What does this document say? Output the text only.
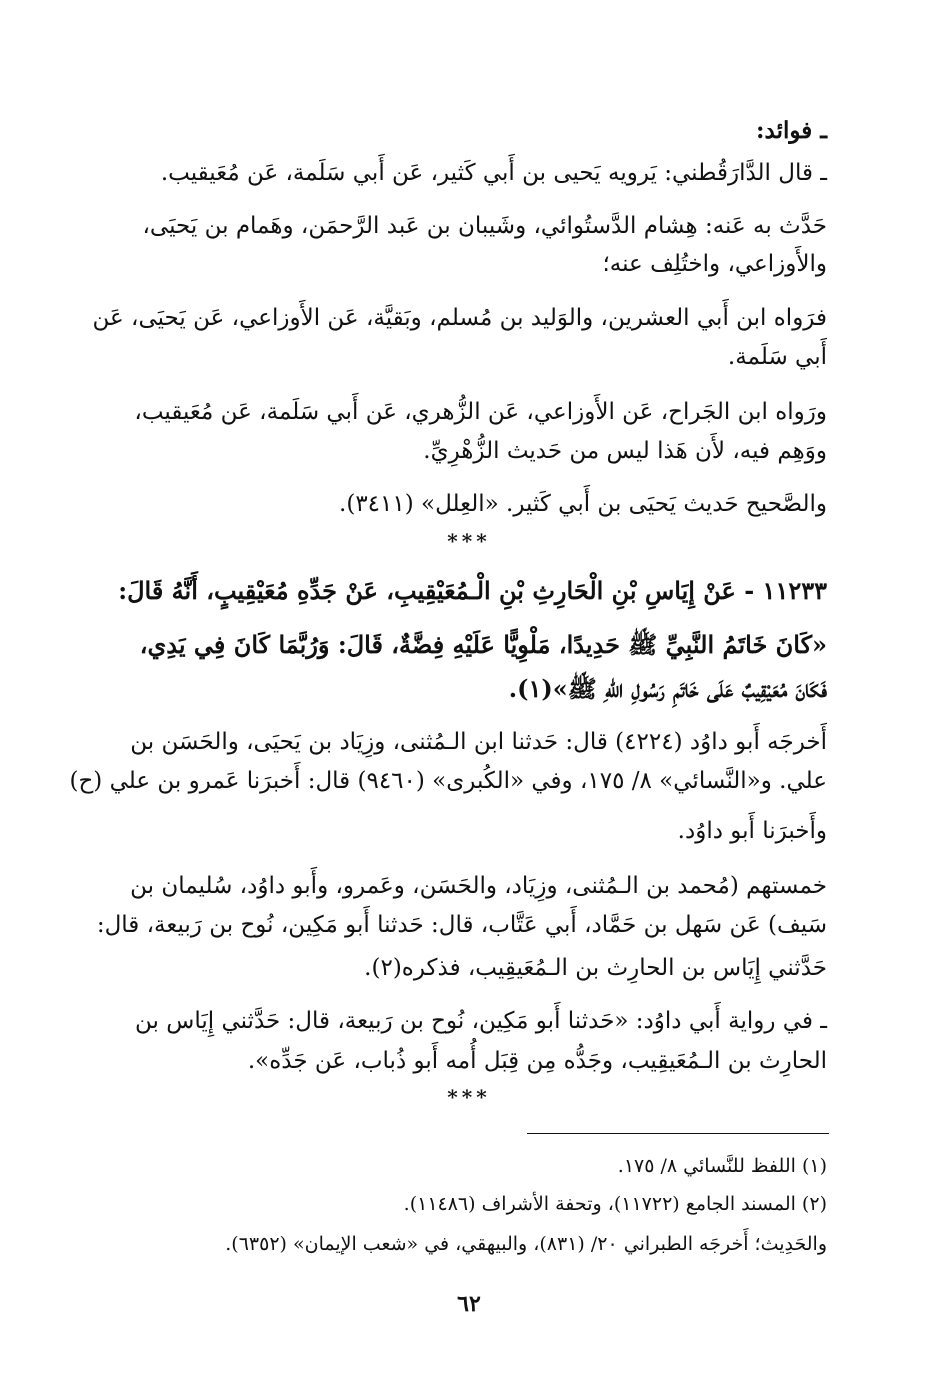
ـ فوائد:
ـ قال الدَّارَقُطني: يَرويه يَحيى بن أَبي كَثير، عَن أَبي سَلَمة، عَن مُعَيقيب.
حَدَّث به عَنه: هِشام الدَّستُوائي، وشَيبان بن عَبد الرَّحمَن، وهَمام بن يَحيَى،
والأَوزاعي، واختُلِف عنه؛
فرَواه ابن أَبي العشرين، والوَليد بن مُسلم، وبَقيَّة، عَن الأَوزاعي، عَن يَحيَى، عَن
أَبي سَلَمة.
ورَواه ابن الجَراح، عَن الأَوزاعي، عَن الزُّهري، عَن أَبي سَلَمة، عَن مُعَيقيب،
ووَهِم فيه، لأَن هَذا ليس من حَديث الزُّهْرِيِّ.
والصَّحيح حَديث يَحيَى بن أَبي كَثير. «العِلل» (٣٤١١).
***
١١٢٣٣ - عَنْ إِيَاسِ بْنِ الْحَارِثِ بْنِ الْـمُعَيْقِيبِ، عَنْ جَدِّهِ مُعَيْقِيبٍ، أَنَّهُ قَالَ:
«كَانَ خَاتَمُ النَّبِيِّ ﷺ حَدِيدًا، مَلْوِيًّا عَلَيْهِ فِضَّةٌ، قَالَ: وَرُبَّمَا كَانَ فِي يَدِي،
فَكَانَ مُعَيْقِيبٌ عَلَى خَاتَمِ رَسُولِ اللهِ ﷺ»(١).
أَخرجَه أَبو داوُد (٤٢٢٤) قال: حَدثنا ابن الـمُثنى، وزِيَاد بن يَحيَى، والحَسَن بن
علي. و«النَّسائي» ٨/ ١٧٥، وفي «الكُبرى» (٩٤٦٠) قال: أَخبرَنا عَمرو بن علي (ح)
وأَخبرَنا أَبو داوُد.
خمستهم (مُحمد بن الـمُثنى، وزِيَاد، والحَسَن، وعَمرو، وأَبو داوُد، سُليمان بن
سَيف) عَن سَهل بن حَمَّاد، أَبي عَتَّاب، قال: حَدثنا أَبو مَكِين، نُوح بن رَبيعة، قال:
حَدَّثني إِيَاس بن الحارِث بن الـمُعَيقِيب، فذكره(٢).
ـ في رواية أَبي داوُد: «حَدثنا أَبو مَكِين، نُوح بن رَبيعة، قال: حَدَّثني إِيَاس بن
الحارِث بن الـمُعَيقِيب، وجَدُّه مِن قِبَل أُمه أَبو ذُباب، عَن جَدِّه».
***
(١) اللفظ للنَّسائي ٨/ ١٧٥.
(٢) المسند الجامع (١١٧٢٢)، وتحفة الأشراف (١١٤٨٦).
والحَدِيث؛ أَخرجَه الطبراني ٢٠/ (٨٣١)، والبيهقي، في «شعب الإيمان» (٦٣٥٢).
٦٢
